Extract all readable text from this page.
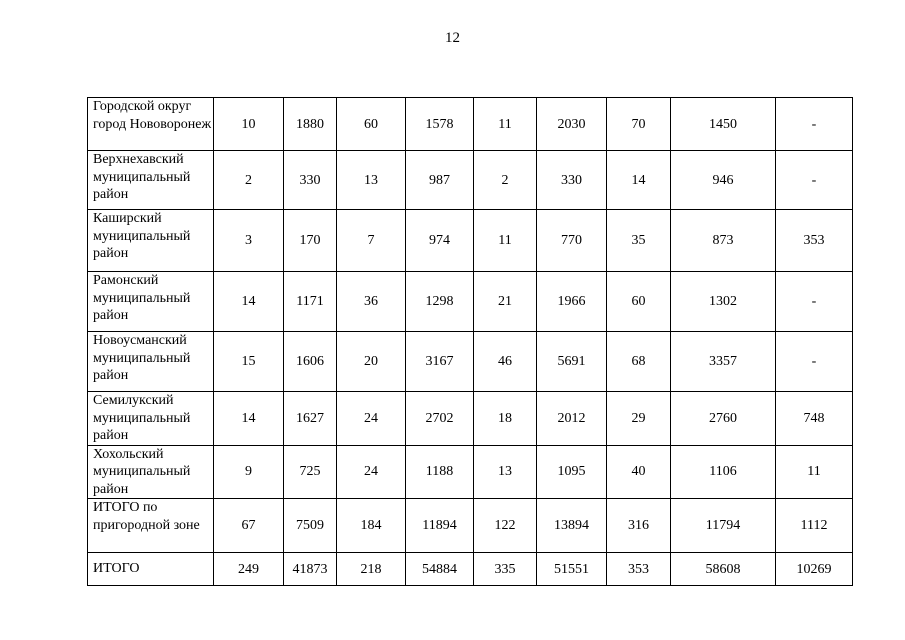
12
Городской округ город Нововоронеж	10	1880	60	1578	11	2030	70	1450	-
Верхнехавский муниципальный район	2	330	13	987	2	330	14	946	-
Каширский муниципальный район	3	170	7	974	11	770	35	873	353
Рамонский муниципальный район	14	1171	36	1298	21	1966	60	1302	-
Новоусманский муниципальный район	15	1606	20	3167	46	5691	68	3357	-
Семилукский муниципальный район	14	1627	24	2702	18	2012	29	2760	748
Хохольский муниципальный район	9	725	24	1188	13	1095	40	1106	11
ИТОГО по пригородной зоне	67	7509	184	11894	122	13894	316	11794	1112
ИТОГО	249	41873	218	54884	335	51551	353	58608	10269
